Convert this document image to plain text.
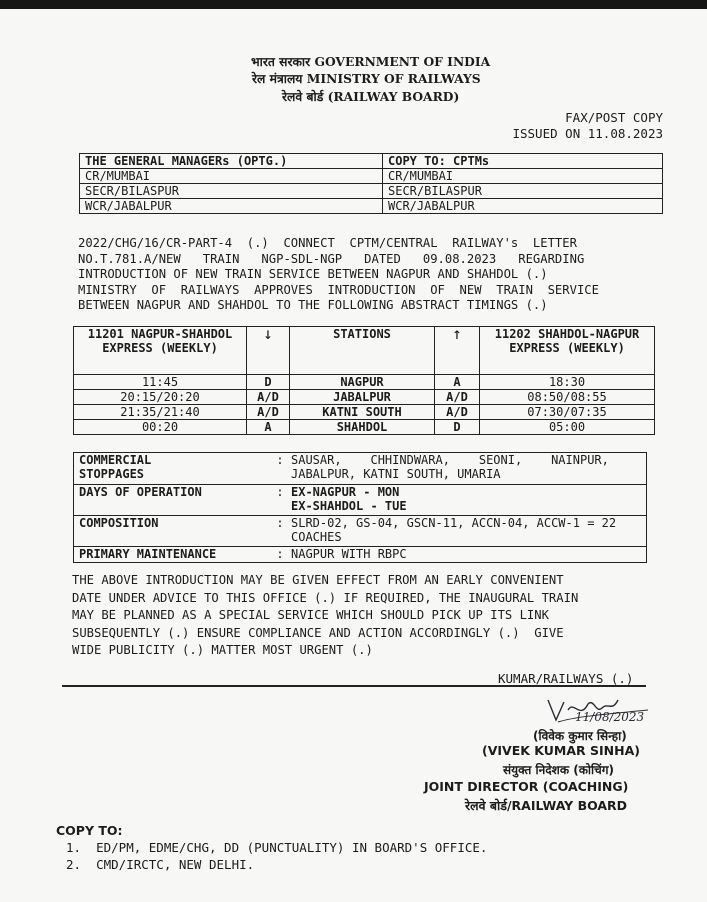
भारत सरकार GOVERNMENT OF INDIA
रेल मंत्रालय MINISTRY OF RAILWAYS
रेलवे बोर्ड (RAILWAY BOARD)
FAX/POST COPY
ISSUED ON 11.08.2023
THE GENERAL MANAGERs (OPTG.)	COPY TO: CPTMs
CR/MUMBAI	CR/MUMBAI
SECR/BILASPUR	SECR/BILASPUR
WCR/JABALPUR	WCR/JABALPUR
2022/CHG/16/CR-PART-4  (.)  CONNECT  CPTM/CENTRAL  RAILWAY's  LETTER
NO.T.781.A/NEW   TRAIN   NGP-SDL-NGP   DATED   09.08.2023   REGARDING
INTRODUCTION OF NEW TRAIN SERVICE BETWEEN NAGPUR AND SHAHDOL (.)
MINISTRY  OF  RAILWAYS  APPROVES  INTRODUCTION  OF  NEW  TRAIN  SERVICE
BETWEEN NAGPUR AND SHAHDOL TO THE FOLLOWING ABSTRACT TIMINGS (.)
11201 NAGPUR-SHAHDOL EXPRESS (WEEKLY)	↓	STATIONS	↑	11202 SHAHDOL-NAGPUR EXPRESS (WEEKLY)

11:45	D	NAGPUR	A	18:30
20:15/20:20	A/D	JABALPUR	A/D	08:50/08:55
21:35/21:40	A/D	KATNI SOUTH	A/D	07:30/07:35
00:20	A	SHAHDOL	D	05:00
COMMERCIAL STOPPAGES	:	SAUSAR,    CHHINDWARA,    SEONI,    NAINPUR,
JABALPUR, KATNI SOUTH, UMARIA

DAYS OF OPERATION	:	EX-NAGPUR - MON
EX-SHAHDOL - TUE

COMPOSITION	:	SLRD-02, GS-04, GSCN-11, ACCN-04, ACCW-1 = 22
COACHES

PRIMARY MAINTENANCE	:	NAGPUR WITH RBPC
THE ABOVE INTRODUCTION MAY BE GIVEN EFFECT FROM AN EARLY CONVENIENT
DATE UNDER ADVICE TO THIS OFFICE (.) IF REQUIRED, THE INAUGURAL TRAIN
MAY BE PLANNED AS A SPECIAL SERVICE WHICH SHOULD PICK UP ITS LINK
SUBSEQUENTLY (.) ENSURE COMPLIANCE AND ACTION ACCORDINGLY (.)  GIVE
WIDE PUBLICITY (.) MATTER MOST URGENT (.)
KUMAR/RAILWAYS (.)
11/08/2023
(विवेक कुमार सिन्हा)
(VIVEK KUMAR SINHA)
संयुक्त निदेशक (कोचिंग)
JOINT DIRECTOR (COACHING)
रेलवे बोर्ड/RAILWAY BOARD
COPY TO:
1.  ED/PM, EDME/CHG, DD (PUNCTUALITY) IN BOARD'S OFFICE.
2.  CMD/IRCTC, NEW DELHI.
